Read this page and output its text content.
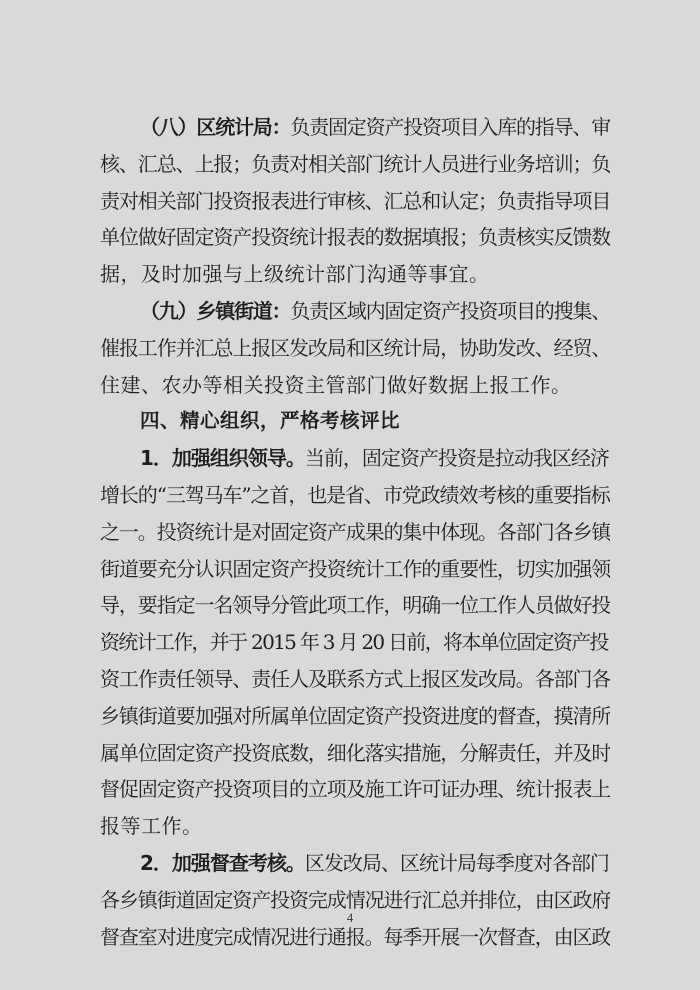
（八）区统计局：负责固定资产投资项目入库的指导、审
核、汇总、上报；负责对相关部门统计人员进行业务培训；负
责对相关部门投资报表进行审核、汇总和认定；负责指导项目
单位做好固定资产投资统计报表的数据填报；负责核实反馈数
据，及时加强与上级统计部门沟通等事宜。
（九）乡镇街道：负责区域内固定资产投资项目的搜集、
催报工作并汇总上报区发改局和区统计局，协助发改、经贸、
住建、农办等相关投资主管部门做好数据上报工作。
四、精心组织，严格考核评比
1．加强组织领导。当前，固定资产投资是拉动我区经济
增长的“三驾马车”之首，也是省、市党政绩效考核的重要指标
之一。投资统计是对固定资产成果的集中体现。各部门各乡镇
街道要充分认识固定资产投资统计工作的重要性，切实加强领
导，要指定一名领导分管此项工作，明确一位工作人员做好投
资统计工作，并于 2015 年 3 月 20 日前，将本单位固定资产投
资工作责任领导、责任人及联系方式上报区发改局。各部门各
乡镇街道要加强对所属单位固定资产投资进度的督查，摸清所
属单位固定资产投资底数，细化落实措施，分解责任，并及时
督促固定资产投资项目的立项及施工许可证办理、统计报表上
报等工作。
4
2．加强督查考核。区发改局、区统计局每季度对各部门
各乡镇街道固定资产投资完成情况进行汇总并排位，由区政府
督查室对进度完成情况进行通报。每季开展一次督查，由区政
